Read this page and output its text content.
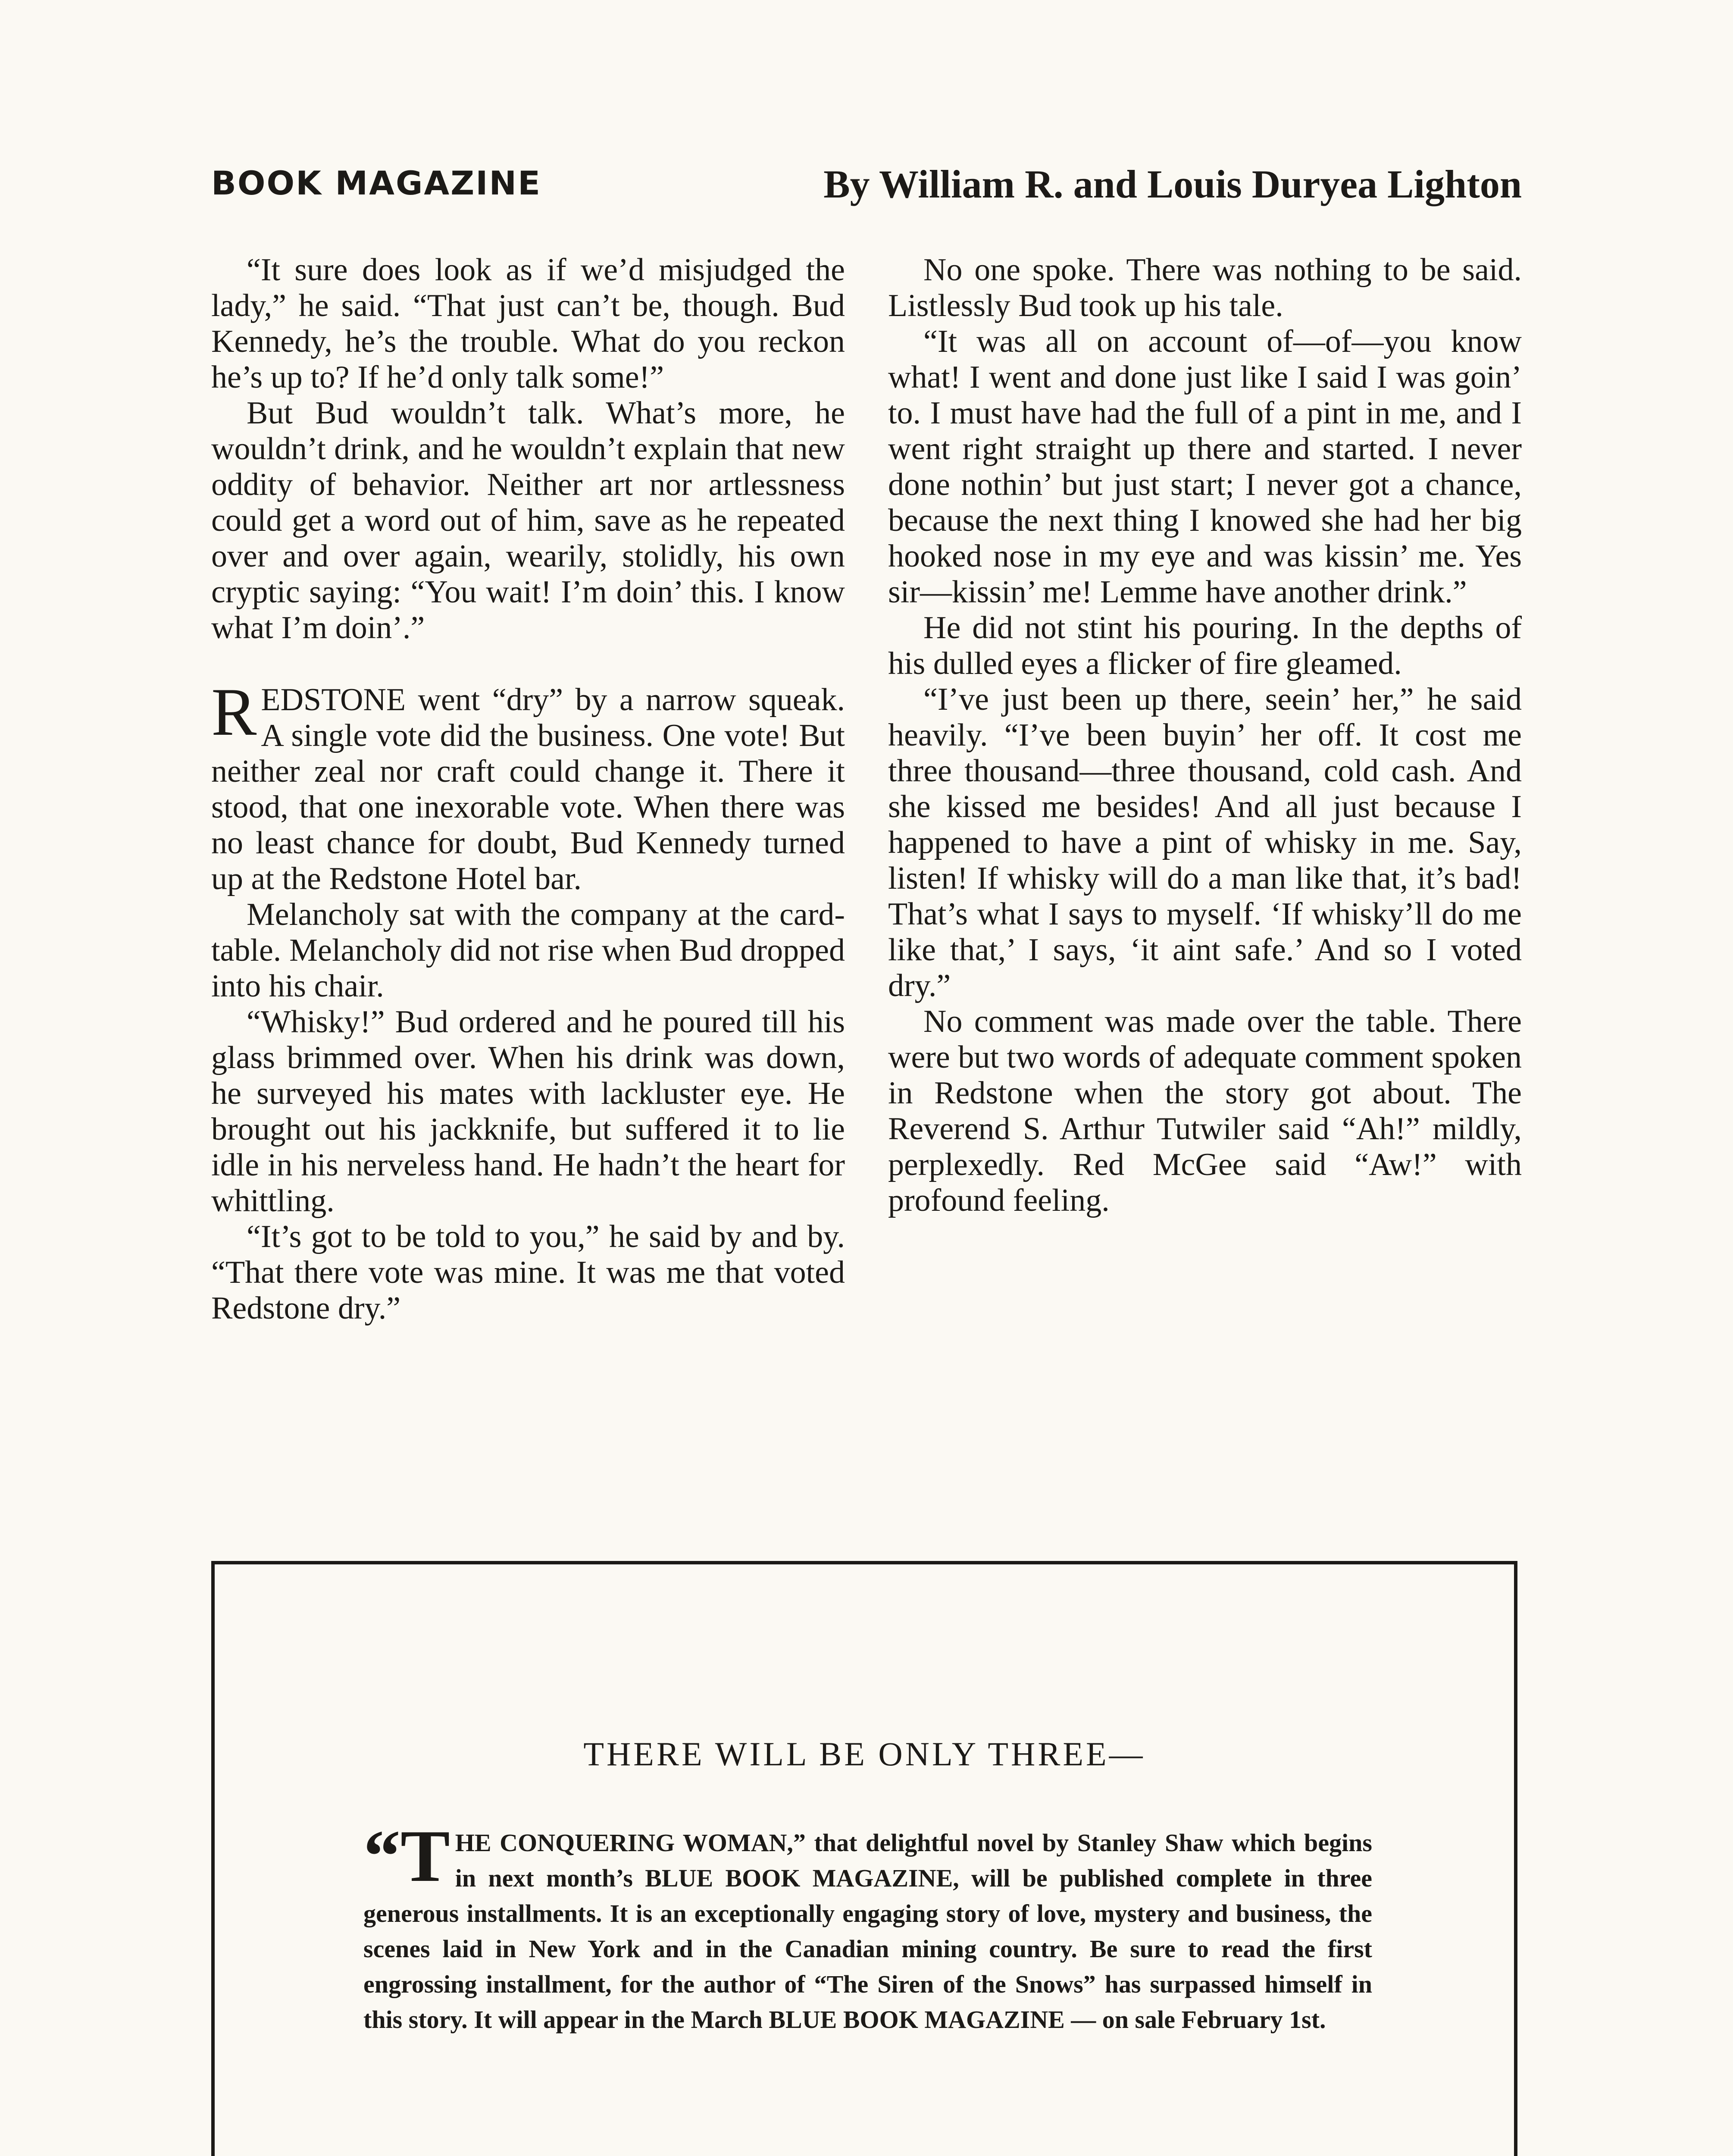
BOOK MAGAZINE	By William R. and Louis Duryea Lighton

“It sure does look as if we’d misjudged the lady,” he said. “That just can’t be, though. Bud Kennedy, he’s the trouble. What do you reckon he’s up to? If he’d only talk some!”

But Bud wouldn’t talk. What’s more, he wouldn’t drink, and he wouldn’t explain that new oddity of behavior. Neither art nor artlessness could get a word out of him, save as he repeated over and over again, wearily, stolidly, his own cryptic saying: “You wait! I’m doin’ this. I know what I’m doin’.”

REDSTONE went “dry” by a narrow squeak. A single vote did the business. One vote! But neither zeal nor craft could change it. There it stood, that one inexorable vote. When there was no least chance for doubt, Bud Kennedy turned up at the Redstone Hotel bar.

Melancholy sat with the company at the card-table. Melancholy did not rise when Bud dropped into his chair.

“Whisky!” Bud ordered and he poured till his glass brimmed over. When his drink was down, he surveyed his mates with lackluster eye. He brought out his jackknife, but suffered it to lie idle in his nerveless hand. He hadn’t the heart for whittling.

“It’s got to be told to you,” he said by and by. “That there vote was mine. It was me that voted Redstone dry.”

No one spoke. There was nothing to be said. Listlessly Bud took up his tale.

“It was all on account of—of—you know what! I went and done just like I said I was goin’ to. I must have had the full of a pint in me, and I went right straight up there and started. I never done nothin’ but just start; I never got a chance, because the next thing I knowed she had her big hooked nose in my eye and was kissin’ me. Yes sir—kissin’ me! Lemme have another drink.”

He did not stint his pouring. In the depths of his dulled eyes a flicker of fire gleamed.

“I’ve just been up there, seein’ her,” he said heavily. “I’ve been buyin’ her off. It cost me three thousand—three thousand, cold cash. And she kissed me besides! And all just because I happened to have a pint of whisky in me. Say, listen! If whisky will do a man like that, it’s bad! That’s what I says to myself. ‘If whisky’ll do me like that,’ I says, ‘it aint safe.’ And so I voted dry.”

No comment was made over the table. There were but two words of adequate comment spoken in Redstone when the story got about. The Reverend S. Arthur Tutwiler said “Ah!” mildly, perplexedly. Red McGee said “Aw!” with profound feeling.

THERE WILL BE ONLY THREE—
“T HE CONQUERING WOMAN,” that delightful novel by Stanley Shaw which begins in next month’s BLUE BOOK MAGAZINE, will be published complete in three generous installments. It is an exceptionally engaging story of love, mystery and business, the scenes laid in New York and in the Canadian mining country. Be sure to read the first engrossing installment, for the author of “The Siren of the Snows” has surpassed himself in this story. It will appear in the March BLUE BOOK MAGAZINE — on sale February 1st.
